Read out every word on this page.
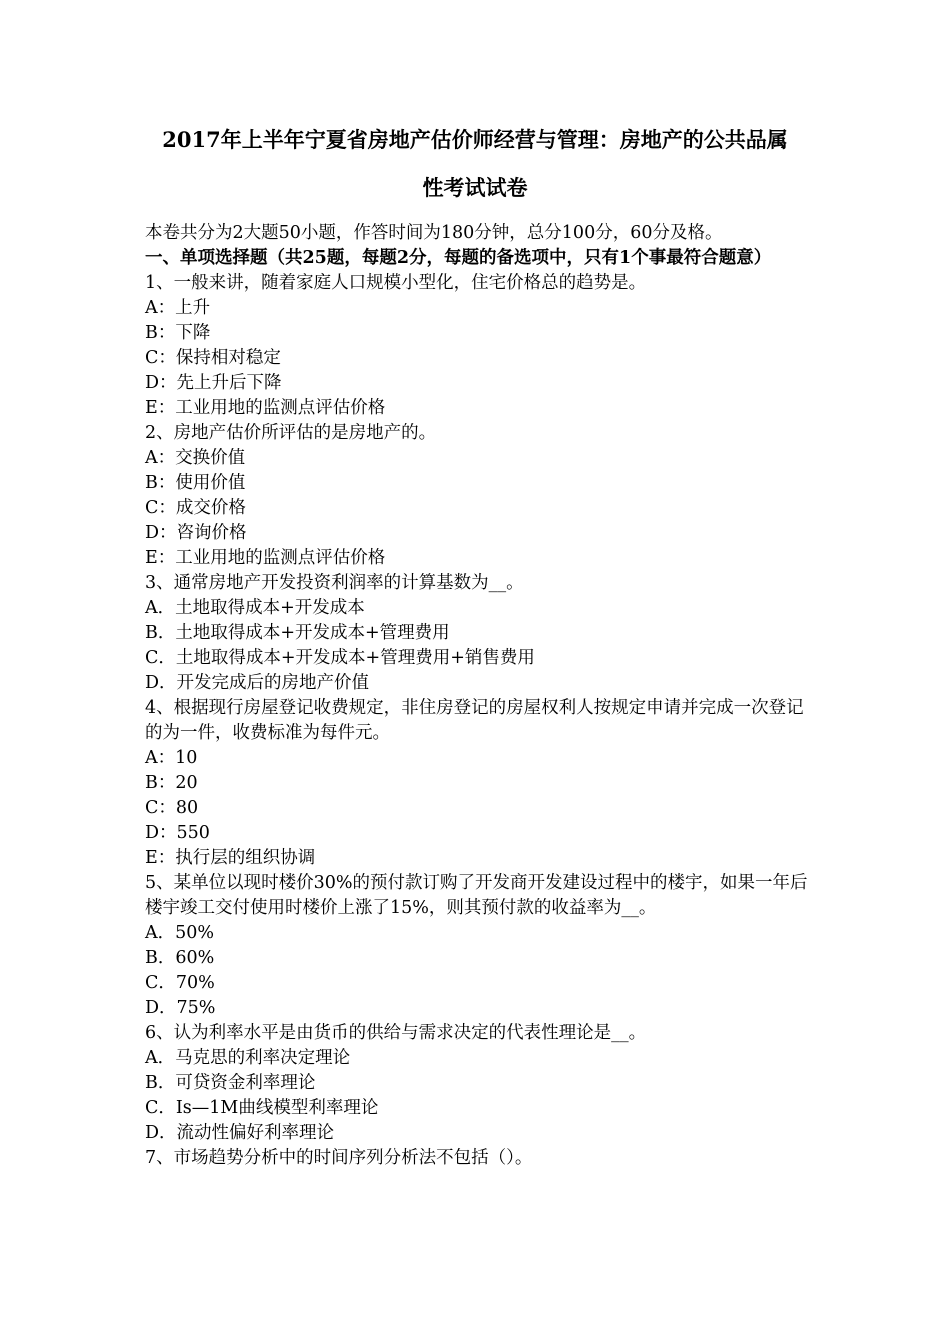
2017年上半年宁夏省房地产估价师经营与管理：房地产的公共品属
性考试试卷
本卷共分为2大题50小题，作答时间为180分钟，总分100分，60分及格。
一、单项选择题（共25题，每题2分，每题的备选项中，只有1个事最符合题意）
1、一般来讲，随着家庭人口规模小型化，住宅价格总的趋势是。
A：上升
B：下降
C：保持相对稳定
D：先上升后下降
E：工业用地的监测点评估价格
2、房地产估价所评估的是房地产的。
A：交换价值
B：使用价值
C：成交价格
D：咨询价格
E：工业用地的监测点评估价格
3、通常房地产开发投资利润率的计算基数为__。
A．土地取得成本+开发成本
B．土地取得成本+开发成本+管理费用
C．土地取得成本+开发成本+管理费用+销售费用
D．开发完成后的房地产价值
4、根据现行房屋登记收费规定，非住房登记的房屋权利人按规定申请并完成一次登记的为一件，收费标准为每件元。
A：10
B：20
C：80
D：550
E：执行层的组织协调
5、某单位以现时楼价30%的预付款订购了开发商开发建设过程中的楼宇，如果一年后楼宇竣工交付使用时楼价上涨了15%，则其预付款的收益率为__。
A．50%
B．60%
C．70%
D．75%
6、认为利率水平是由货币的供给与需求决定的代表性理论是__。
A．马克思的利率决定理论
B．可贷资金利率理论
C．Is—1M曲线模型利率理论
D．流动性偏好利率理论
7、市场趋势分析中的时间序列分析法不包括（）。
